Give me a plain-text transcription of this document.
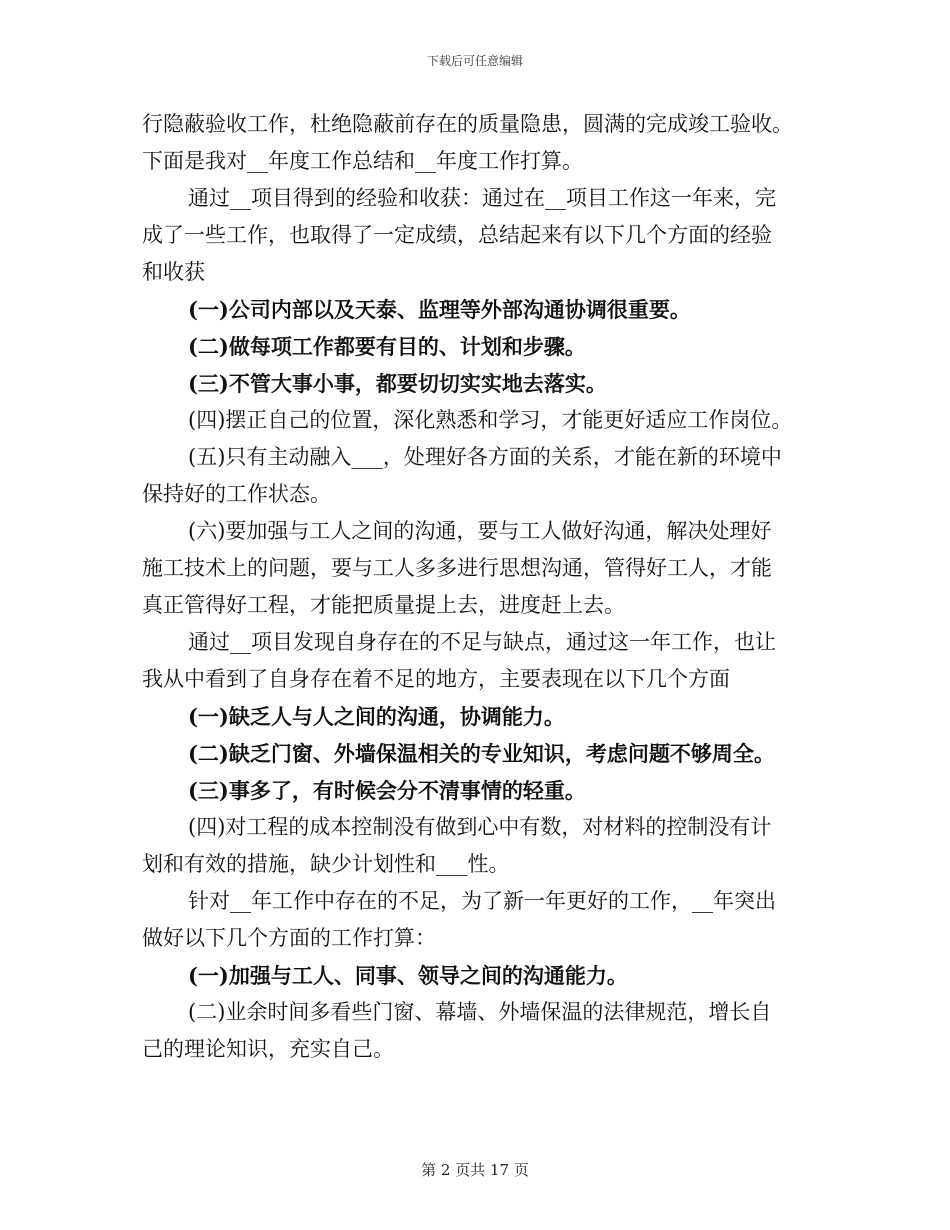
下载后可任意编辑
行隐蔽验收工作，杜绝隐蔽前存在的质量隐患，圆满的完成竣工验收。
下面是我对__年度工作总结和__年度工作打算。
通过__项目得到的经验和收获：通过在__项目工作这一年来，完
成了一些工作，也取得了一定成绩，总结起来有以下几个方面的经验
和收获
(一)公司内部以及天泰、监理等外部沟通协调很重要。
(二)做每项工作都要有目的、计划和步骤。
(三)不管大事小事，都要切切实实地去落实。
(四)摆正自己的位置，深化熟悉和学习，才能更好适应工作岗位。
(五)只有主动融入___，处理好各方面的关系，才能在新的环境中
保持好的工作状态。
(六)要加强与工人之间的沟通，要与工人做好沟通，解决处理好
施工技术上的问题，要与工人多多进行思想沟通，管得好工人，才能
真正管得好工程，才能把质量提上去，进度赶上去。
通过__项目发现自身存在的不足与缺点，通过这一年工作，也让
我从中看到了自身存在着不足的地方，主要表现在以下几个方面
(一)缺乏人与人之间的沟通，协调能力。
(二)缺乏门窗、外墙保温相关的专业知识，考虑问题不够周全。
(三)事多了，有时候会分不清事情的轻重。
(四)对工程的成本控制没有做到心中有数，对材料的控制没有计
划和有效的措施，缺少计划性和___性。
针对__年工作中存在的不足，为了新一年更好的工作，__年突出
做好以下几个方面的工作打算：
(一)加强与工人、同事、领导之间的沟通能力。
(二)业余时间多看些门窗、幕墙、外墙保温的法律规范，增长自
己的理论知识，充实自己。
第 2 页共 17 页
